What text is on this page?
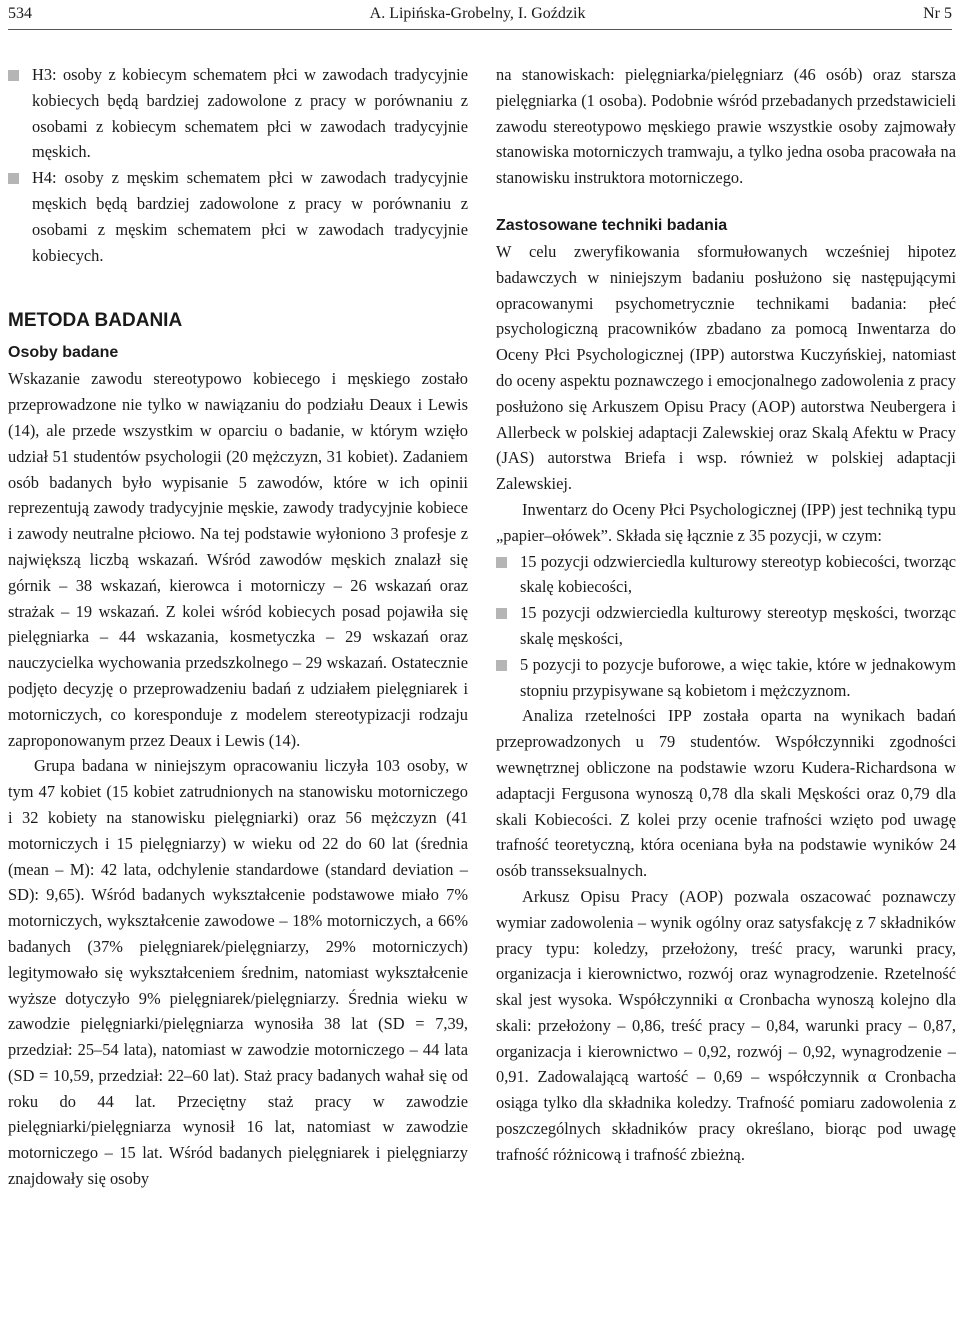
534	A. Lipińska-Grobelny, I. Goździk	Nr 5
H3: osoby z kobiecym schematem płci w zawodach tradycyjnie kobiecych będą bardziej zadowolone z pracy w porównaniu z osobami z kobiecym schematem płci w zawodach tradycyjnie męskich.
H4: osoby z męskim schematem płci w zawodach tradycyjnie męskich będą bardziej zadowolone z pracy w porównaniu z osobami z męskim schematem płci w zawodach tradycyjnie kobiecych.
METODA BADANIA
Osoby badane

Wskazanie zawodu stereotypowo kobiecego i męskiego zostało przeprowadzone nie tylko w nawiązaniu do podziału Deaux i Lewis (14), ale przede wszystkim w oparciu o badanie, w którym wzięło udział 51 studentów psychologii (20 mężczyzn, 31 kobiet). Zadaniem osób badanych było wypisanie 5 zawodów, które w ich opinii reprezentują zawody tradycyjnie męskie, zawody tradycyjnie kobiece i zawody neutralne płciowo. Na tej podstawie wyłoniono 3 profesje z największą liczbą wskazań. Wśród zawodów męskich znalazł się górnik – 38 wskazań, kierowca i motorniczy – 26 wskazań oraz strażak – 19 wskazań. Z kolei wśród kobiecych posad pojawiła się pielęgniarka – 44 wskazania, kosmetyczka – 29 wskazań oraz nauczycielka wychowania przedszkolnego – 29 wskazań. Ostatecznie podjęto decyzję o przeprowadzeniu badań z udziałem pielęgniarek i motorniczych, co koresponduje z modelem stereotypizacji rodzaju zaproponowanym przez Deaux i Lewis (14).

Grupa badana w niniejszym opracowaniu liczyła 103 osoby, w tym 47 kobiet (15 kobiet zatrudnionych na stanowisku motorniczego i 32 kobiety na stanowisku pielęgniarki) oraz 56 mężczyzn (41 motorniczych i 15 pielęgniarzy) w wieku od 22 do 60 lat (średnia (mean – M): 42 lata, odchylenie standardowe (standard deviation – SD): 9,65). Wśród badanych wykształcenie podstawowe miało 7% motorniczych, wykształcenie zawodowe – 18% motorniczych, a 66% badanych (37% pielęgniarek/pielęgniarzy, 29% motorniczych) legitymowało się wykształceniem średnim, natomiast wykształcenie wyższe dotyczyło 9% pielęgniarek/pielęgniarzy. Średnia wieku w zawodzie pielęgniarki/pielęgniarza wynosiła 38 lat (SD = 7,39, przedział: 25–54 lata), natomiast w zawodzie motorniczego – 44 lata (SD = 10,59, przedział: 22–60 lat). Staż pracy badanych wahał się od roku do 44 lat. Przeciętny staż pracy w zawodzie pielęgniarki/pielęgniarza wynosił 16 lat, natomiast w zawodzie motorniczego – 15 lat. Wśród badanych pielęgniarek i pielęgniarzy znajdowały się osoby

na stanowiskach: pielęgniarka/pielęgniarz (46 osób) oraz starsza pielęgniarka (1 osoba). Podobnie wśród przebadanych przedstawicieli zawodu stereotypowo męskiego prawie wszystkie osoby zajmowały stanowiska motorniczych tramwaju, a tylko jedna osoba pracowała na stanowisku instruktora motorniczego.

Zastosowane techniki badania

W celu zweryfikowania sformułowanych wcześniej hipotez badawczych w niniejszym badaniu posłużono się następującymi opracowanymi psychometrycznie technikami badania: płeć psychologiczną pracowników zbadano za pomocą Inwentarza do Oceny Płci Psychologicznej (IPP) autorstwa Kuczyńskiej, natomiast do oceny aspektu poznawczego i emocjonalnego zadowolenia z pracy posłużono się Arkuszem Opisu Pracy (AOP) autorstwa Neubergera i Allerbeck w polskiej adaptacji Zalewskiej oraz Skalą Afektu w Pracy (JAS) autorstwa Briefa i wsp. również w polskiej adaptacji Zalewskiej.

Inwentarz do Oceny Płci Psychologicznej (IPP) jest techniką typu „papier–ołówek”. Składa się łącznie z 35 pozycji, w czym:

15 pozycji odzwierciedla kulturowy stereotyp kobiecości, tworząc skalę kobiecości,
15 pozycji odzwierciedla kulturowy stereotyp męskości, tworząc skalę męskości,
5 pozycji to pozycje buforowe, a więc takie, które w jednakowym stopniu przypisywane są kobietom i mężczyznom.

Analiza rzetelności IPP została oparta na wynikach badań przeprowadzonych u 79 studentów. Współczynniki zgodności wewnętrznej obliczone na podstawie wzoru Kudera-Richardsona w adaptacji Fergusona wynoszą 0,78 dla skali Męskości oraz 0,79 dla skali Kobiecości. Z kolei przy ocenie trafności wzięto pod uwagę trafność teoretyczną, która oceniana była na podstawie wyników 24 osób transseksualnych.

Arkusz Opisu Pracy (AOP) pozwala oszacować poznawczy wymiar zadowolenia – wynik ogólny oraz satysfakcję z 7 składników pracy typu: koledzy, przełożony, treść pracy, warunki pracy, organizacja i kierownictwo, rozwój oraz wynagrodzenie. Rzetelność skal jest wysoka. Współczynniki α Cronbacha wynoszą kolejno dla skali: przełożony – 0,86, treść pracy – 0,84, warunki pracy – 0,87, organizacja i kierownictwo – 0,92, rozwój – 0,92, wynagrodzenie – 0,91. Zadowalającą wartość – 0,69 – współczynnik α Cronbacha osiąga tylko dla składnika koledzy. Trafność pomiaru zadowolenia z poszczególnych składników pracy określano, biorąc pod uwagę trafność różnicową i trafność zbieżną.
